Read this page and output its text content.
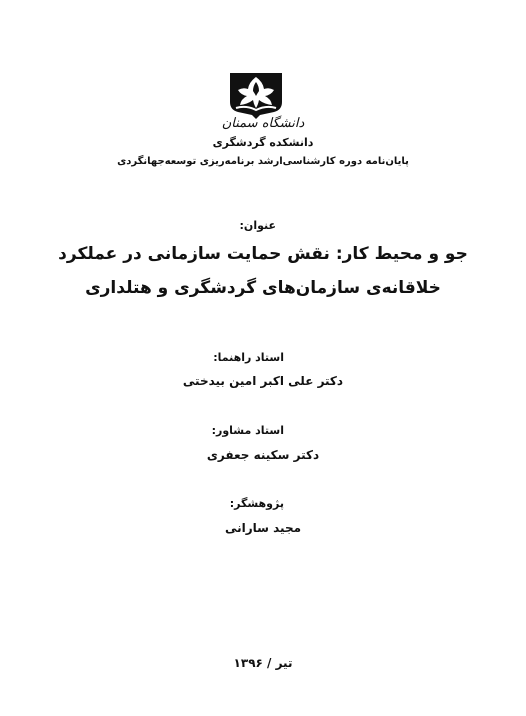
دانشگاه سمنان
دانشکده گردشگری
پایان‌نامه دوره کارشناسی‌ارشد برنامه‌ریزی توسعه‌جهانگردی
عنوان:
جو و محیط کار: نقش حمایت سازمانی در عملکرد
خلاقانه‌ی سازمان‌های گردشگری و هتلداری
استاد راهنما:
دکتر علی اکبر امین بیدختی
استاد مشاور:
دکتر سکینه جعفری
پژوهشگر:
مجید سارانی
تیر / ۱۳۹۶
